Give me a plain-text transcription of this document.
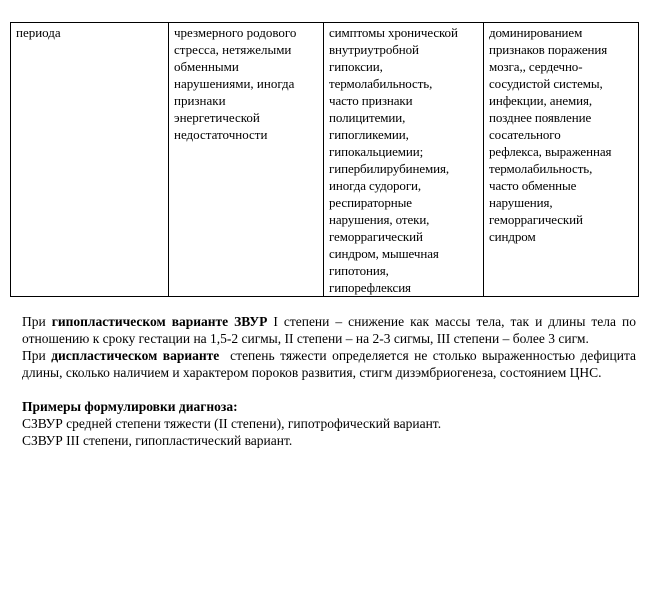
периода	чрезмерного родового
стресса, нетяжелыми
обменными
нарушениями, иногда
признаки
энергетической
недостаточности	симптомы хронической
внутриутробной
гипоксии,
термолабильность,
часто признаки
полицитемии,
гипогликемии,
гипокальциемии;
гипербилирубинемия,
иногда судороги,
респираторные
нарушения, отеки,
геморрагический
синдром, мышечная
гипотония,
гипорефлексия	доминированием
признаков поражения
мозга,, сердечно-
сосудистой системы,
инфекции, анемия,
позднее появление
сосательного
рефлекса, выраженная
термолабильность,
часто обменные
нарушения,
геморрагический
синдром

При гипопластическом варианте ЗВУР I степени – снижение как массы тела, так и длины тела по отношению к сроку гестации на 1,5-2 сигмы, II степени – на 2-3 сигмы, III степени – более 3 сигм.

При диспластическом варианте  степень тяжести определяется не столько выраженностью дефицита длины, сколько наличием и характером пороков развития, стигм дизэмбриогенеза, состоянием ЦНС.

Примеры формулировки диагноза:

СЗВУР средней степени тяжести (II степени), гипотрофический вариант.

СЗВУР III степени, гипопластический вариант.
